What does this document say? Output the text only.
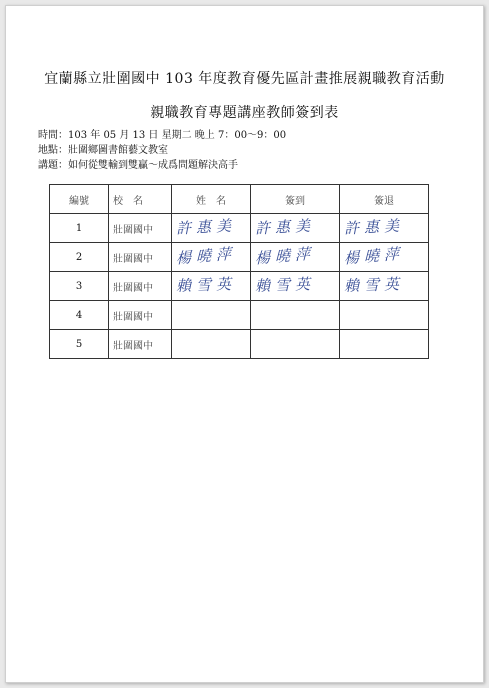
宜蘭縣立壯圍國中 103 年度教育優先區計畫推展親職教育活動
親職教育專題講座教師簽到表
時間：103 年 05 月 13 日 星期二 晚上 7：00～9：00
地點：壯圍鄉圖書館藝文教室
講題：如何從雙輸到雙贏～成爲問題解決高手
編號	校　名	姓　名	簽到	簽退
1	壯圍國中	許惠美	許惠美	許惠美

2	壯圍國中	楊曉萍	楊曉萍	楊曉萍

3	壯圍國中	賴雪英	賴雪英	賴雪英

4	壯圍國中			
5	壯圍國中			
